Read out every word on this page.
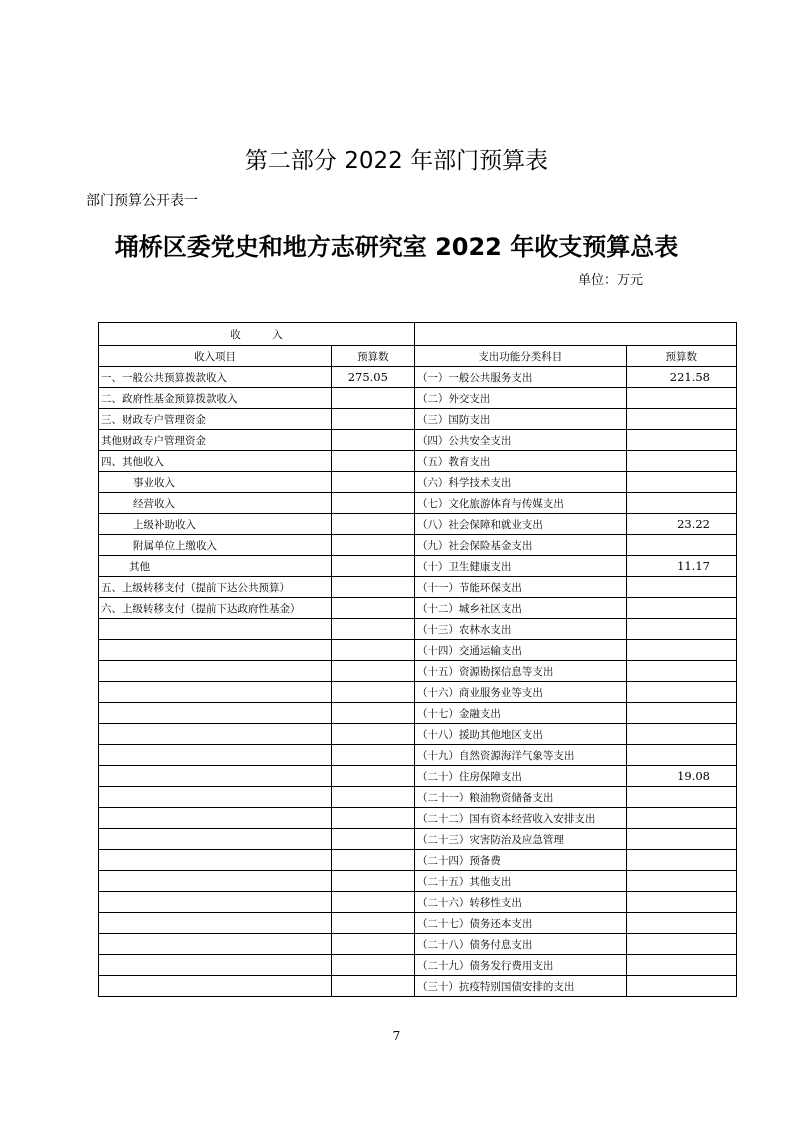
第二部分 2022 年部门预算表
部门预算公开表一
埇桥区委党史和地方志研究室 2022 年收支预算总表
单位：万元
收　　　入			
收入项目	预算数	支出功能分类科目	预算数
一、一般公共预算拨款收入	275.05	（一）一般公共服务支出	221.58
二、政府性基金预算拨款收入		（二）外交支出	
三、财政专户管理资金		（三）国防支出	
其他财政专户管理资金		（四）公共安全支出	
四、其他收入		（五）教育支出	
事业收入		（六）科学技术支出	
经营收入		（七）文化旅游体育与传媒支出	
上级补助收入		（八）社会保障和就业支出	23.22
附属单位上缴收入		（九）社会保险基金支出	
其他		（十）卫生健康支出	11.17
五、上级转移支付（提前下达公共预算）		（十一）节能环保支出	
六、上级转移支付（提前下达政府性基金）		（十二）城乡社区支出	
		（十三）农林水支出	
		（十四）交通运输支出	
		（十五）资源勘探信息等支出	
		（十六）商业服务业等支出	
		（十七）金融支出	
		（十八）援助其他地区支出	
		（十九）自然资源海洋气象等支出	
		（二十）住房保障支出	19.08
		（二十一）粮油物资储备支出	
		（二十二）国有资本经营收入安排支出	
		（二十三）灾害防治及应急管理	
		（二十四）预备费	
		（二十五）其他支出	
		（二十六）转移性支出	
		（二十七）债务还本支出	
		（二十八）债务付息支出	
		（二十九）债务发行费用支出	
		（三十）抗疫特别国债安排的支出	
7
